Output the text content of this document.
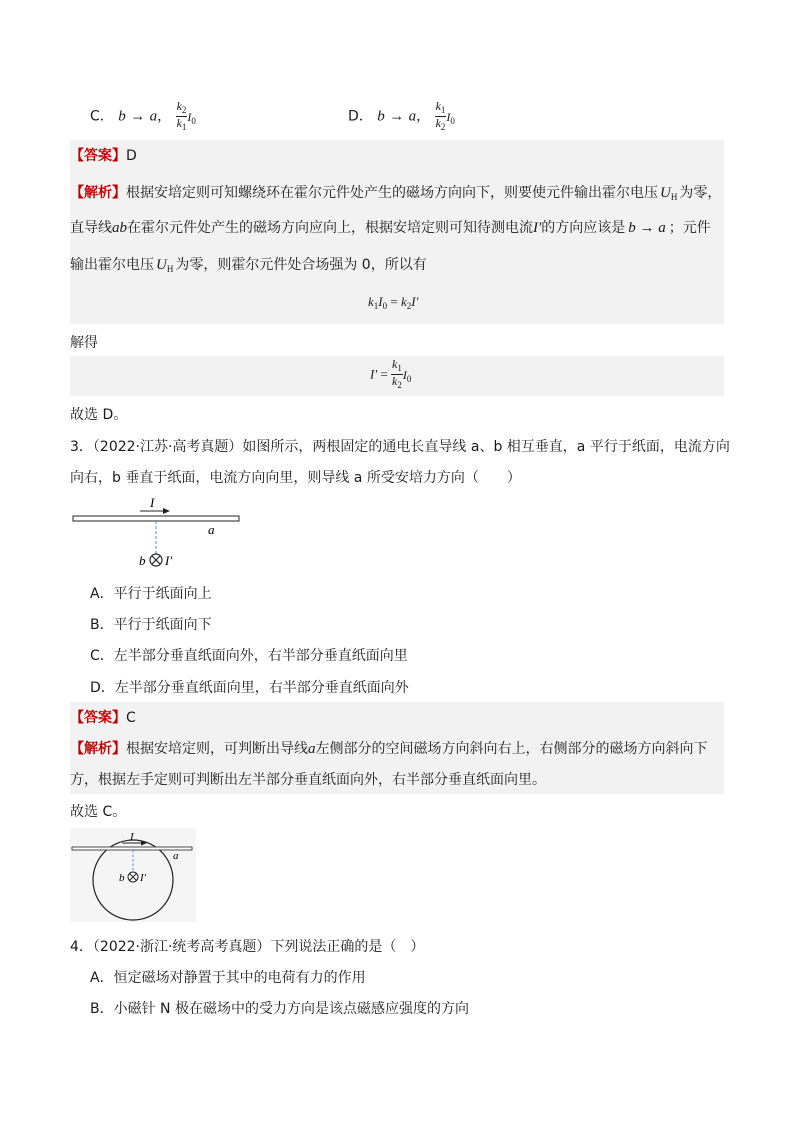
C． b → a， $\frac{k_2}{k_1} I_0$	D． b → a， $\frac{k_1}{k_2} I_0$
【答案】D
【解析】根据安培定则可知螺绕环在霍尔元件处产生的磁场方向向下，则要使元件输出霍尔电压 $U_H$ 为零，
直导线ab在霍尔元件处产生的磁场方向应向上，根据安培定则可知待测电流I′的方向应该是 b → a ；元件
输出霍尔电压 $U_H$ 为零，则霍尔元件处合场强为 0，所以有
$k_1I_0 = k_2I'$
解得
$I' = \frac{k_1}{k_2} I_0$
故选 D。
3．（2022·江苏·高考真题）如图所示，两根固定的通电长直导线 a、b 相互垂直，a 平行于纸面，电流方向
向右，b 垂直于纸面，电流方向向里，则导线 a 所受安培力方向（　　）
I
a
b I′
A．平行于纸面向上
B．平行于纸面向下
C．左半部分垂直纸面向外，右半部分垂直纸面向里
D．左半部分垂直纸面向里，右半部分垂直纸面向外
【答案】C
【解析】根据安培定则，可判断出导线a左侧部分的空间磁场方向斜向右上，右侧部分的磁场方向斜向下
方，根据左手定则可判断出左半部分垂直纸面向外，右半部分垂直纸面向里。
故选 C。
I
a
b I′
4．（2022·浙江·统考高考真题）下列说法正确的是（　）
A．恒定磁场对静置于其中的电荷有力的作用
B．小磁针 N 极在磁场中的受力方向是该点磁感应强度的方向
